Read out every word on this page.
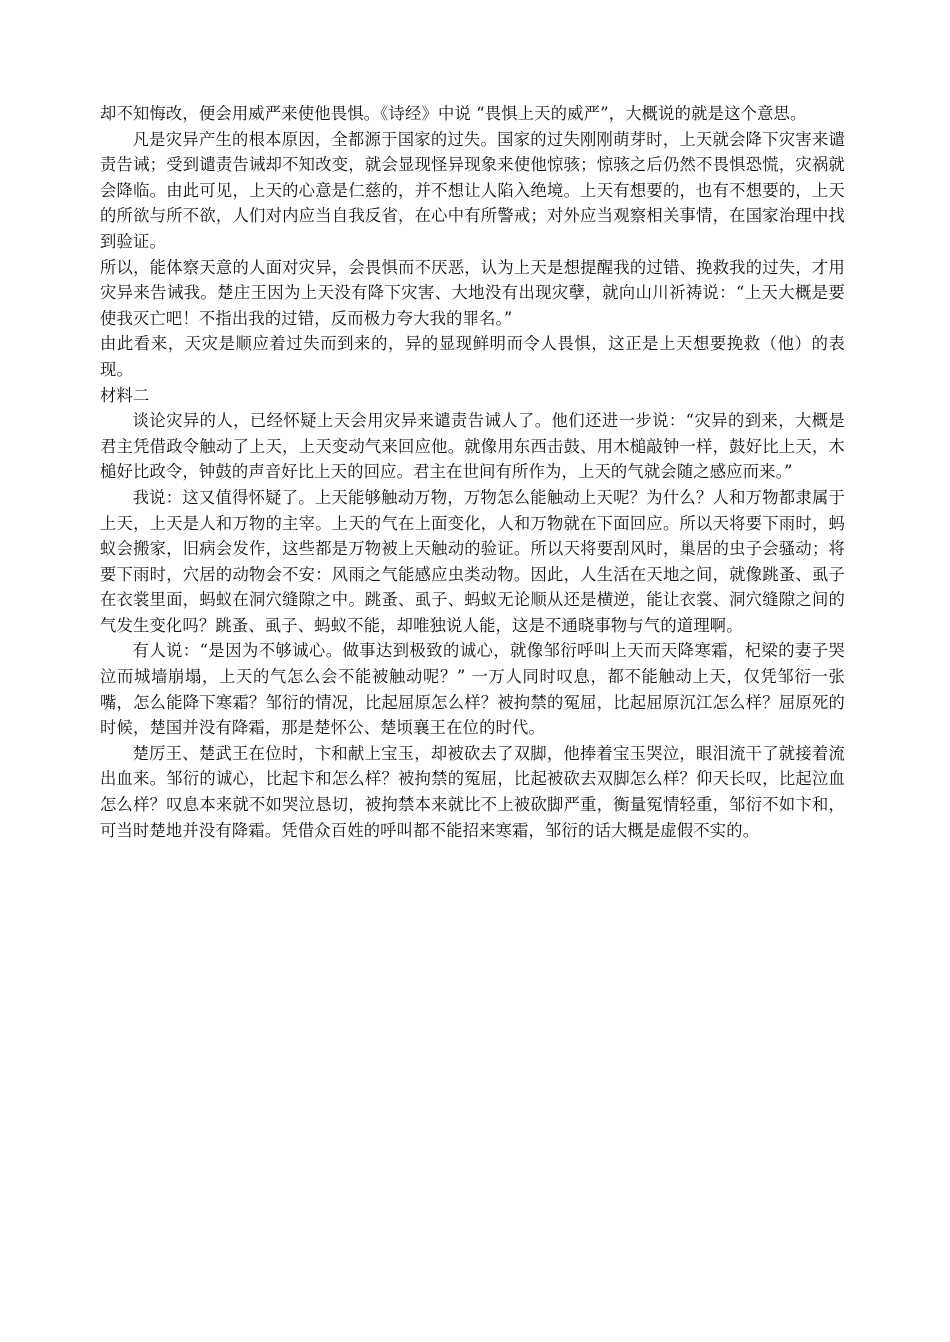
却不知悔改，便会用威严来使他畏惧。《诗经》中说 “畏惧上天的威严”，大概说的就是这个意思。

凡是灾异产生的根本原因，全都源于国家的过失。国家的过失刚刚萌芽时，上天就会降下灾害来谴责告诫；受到谴责告诫却不知改变，就会显现怪异现象来使他惊骇；惊骇之后仍然不畏惧恐慌，灾祸就会降临。由此可见，上天的心意是仁慈的，并不想让人陷入绝境。上天有想要的，也有不想要的，上天的所欲与所不欲，人们对内应当自我反省，在心中有所警戒；对外应当观察相关事情，在国家治理中找到验证。

所以，能体察天意的人面对灾异，会畏惧而不厌恶，认为上天是想提醒我的过错、挽救我的过失，才用灾异来告诫我。楚庄王因为上天没有降下灾害、大地没有出现灾孽，就向山川祈祷说：“上天大概是要使我灭亡吧！不指出我的过错，反而极力夸大我的罪名。”

由此看来，天灾是顺应着过失而到来的，异的显现鲜明而令人畏惧，这正是上天想要挽救（他）的表现。

材料二

谈论灾异的人，已经怀疑上天会用灾异来谴责告诫人了。他们还进一步说：“灾异的到来，大概是君主凭借政令触动了上天，上天变动气来回应他。就像用东西击鼓、用木槌敲钟一样，鼓好比上天，木槌好比政令，钟鼓的声音好比上天的回应。君主在世间有所作为，上天的气就会随之感应而来。”

我说：这又值得怀疑了。上天能够触动万物，万物怎么能触动上天呢？为什么？人和万物都隶属于上天，上天是人和万物的主宰。上天的气在上面变化，人和万物就在下面回应。所以天将要下雨时，蚂蚁会搬家，旧病会发作，这些都是万物被上天触动的验证。所以天将要刮风时，巢居的虫子会骚动；将要下雨时，穴居的动物会不安：风雨之气能感应虫类动物。因此，人生活在天地之间，就像跳蚤、虱子在衣裳里面，蚂蚁在洞穴缝隙之中。跳蚤、虱子、蚂蚁无论顺从还是横逆，能让衣裳、洞穴缝隙之间的气发生变化吗？跳蚤、虱子、蚂蚁不能，却唯独说人能，这是不通晓事物与气的道理啊。

有人说：“是因为不够诚心。做事达到极致的诚心，就像邹衍呼叫上天而天降寒霜，杞梁的妻子哭泣而城墙崩塌，上天的气怎么会不能被触动呢？” 一万人同时叹息，都不能触动上天，仅凭邹衍一张嘴，怎么能降下寒霜？邹衍的情况，比起屈原怎么样？被拘禁的冤屈，比起屈原沉江怎么样？屈原死的时候，楚国并没有降霜，那是楚怀公、楚顷襄王在位的时代。

楚厉王、楚武王在位时，卞和献上宝玉，却被砍去了双脚，他捧着宝玉哭泣，眼泪流干了就接着流出血来。邹衍的诚心，比起卞和怎么样？被拘禁的冤屈，比起被砍去双脚怎么样？仰天长叹，比起泣血怎么样？叹息本来就不如哭泣恳切，被拘禁本来就比不上被砍脚严重，衡量冤情轻重，邹衍不如卞和，可当时楚地并没有降霜。凭借众百姓的呼叫都不能招来寒霜，邹衍的话大概是虚假不实的。
